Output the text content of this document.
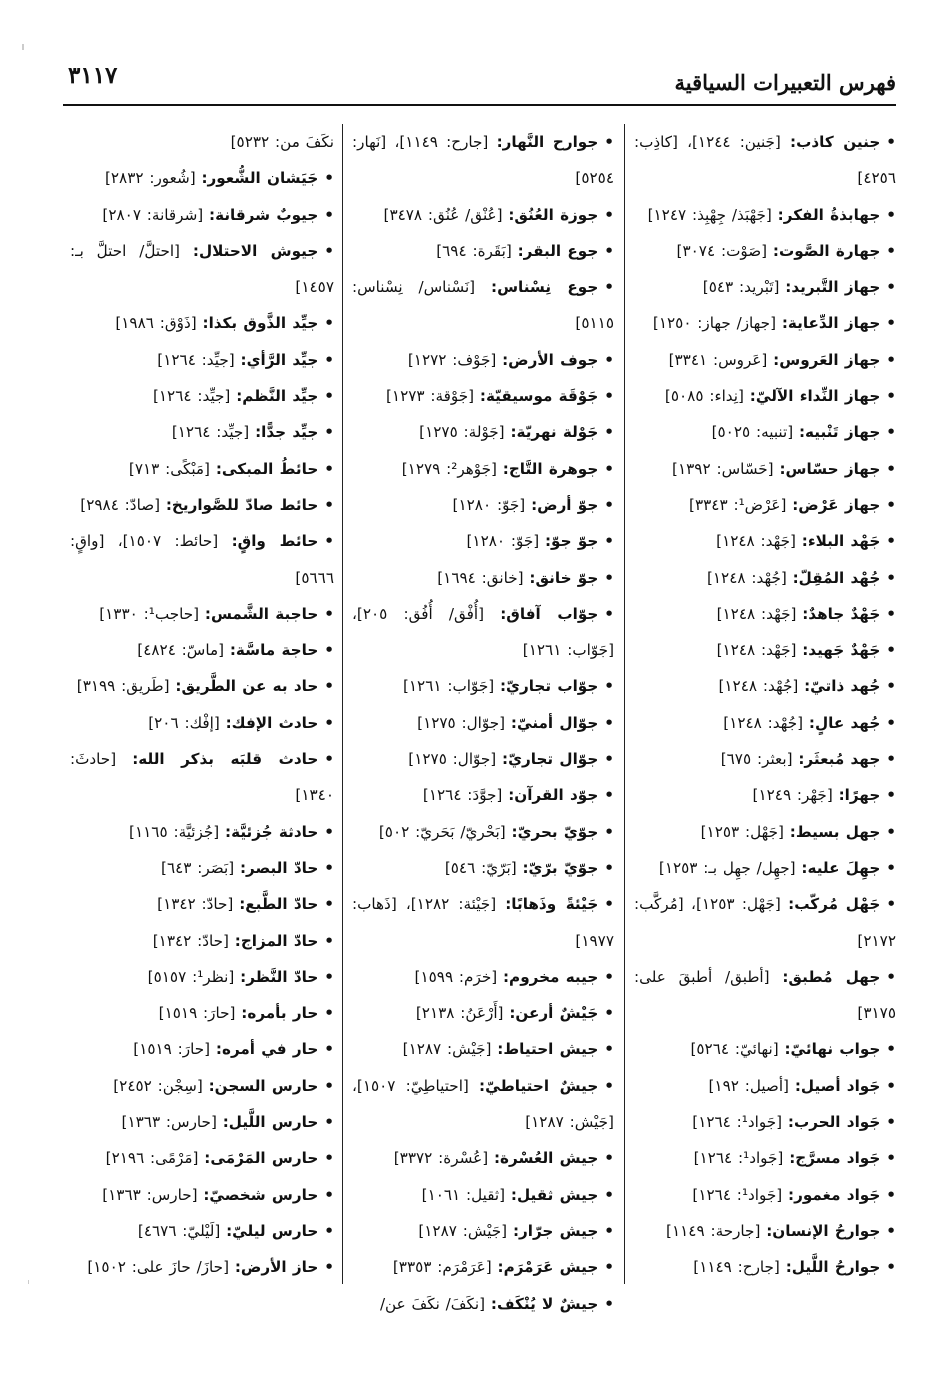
٣١١٧	فهرس التعبيرات السياقية

•جنين كاذب: [جَنين: ١٢٤٤]، [كاذِب: ٤٢٥٦]

•جهابذةُ الفكر: [جَهْبَذ/ جِهْبِذ: ١٢٤٧]

•جهارة الصَّوت: [صَوْت: ٣٠٧٤]

•جهاز التَّبريد: [تَبْريد: ٥٤٣]

•جهاز الدِّعاية: [جهاز/ جهاز: ١٢٥٠]

•جهاز العَروس: [عَروس: ٣٣٤١]

•جهاز النِّداء الآليّ: [نِداء: ٥٠٨٥]

•جهاز تَنْبيه: [تنبيه: ٥٠٢٥]

•جهاز حسّاس: [حَسّاس: ١٣٩٢]

•جهاز عَرْض: [عَرْض¹: ٣٣٤٣]

•جَهْد البلاء: [جَهْد: ١٢٤٨]

•جُهْد المُقِلّ: [جُهْد: ١٢٤٨]

•جَهْدٌ جاهدٌ: [جَهْد: ١٢٤٨]

•جَهْدٌ جَهيد: [جَهْد: ١٢٤٨]

•جُهد ذاتيّ: [جُهْد: ١٢٤٨]

•جُهد عالٍ: [جُهْد: ١٢٤٨]

•جهد مُبعثَر: [بعثر: ٦٧٥]

•جهرًا: [جَهْر: ١٢٤٩]

•جهل بسيط: [جَهْل: ١٢٥٣]

•جهِلَ عليه: [جهِل/ جهِل بـ: ١٢٥٣]

•جَهْل مُركّب: [جَهْل: ١٢٥٣]، [مُركَّب: ٢١٧٢]

•جهل مُطبق: [أطبق/ أطبقَ على: ٣١٧٥]

•جواب نهائيّ: [نهائيّ: ٥٢٦٤]

•جَواد أصيل: [أصيل: ١٩٢]

•جَواد الحرب: [جَواد¹: ١٢٦٤]

•جَواد مسرَّج: [جَواد¹: ١٢٦٤]

•جَواد مغمور: [جَواد¹: ١٢٦٤]

•جوارحُ الإنسان: [جارحة: ١١٤٩]

•جوارحُ اللَّيل: [جارح: ١١٤٩]

•جوارح النَّهار: [جارح: ١١٤٩]، [نَهار: ٥٢٥٤]

•جوزة العُنُق: [عُنْق/ عُنُق: ٣٤٧٨]

•جوع البقر: [بَقَرة: ٦٩٤]

•جوع نِسْناس: [نَسْناس/ نِسْناس: ٥١١٥]

•جوف الأرض: [جَوْف: ١٢٧٢]

•جَوْقَة موسيقيّة: [جَوْقة: ١٢٧٣]

•جَوْلة نهريّة: [جَوْلة: ١٢٧٥]

•جوهرة التَّاج: [جَوْهر²: ١٢٧٩]

•جوّ أرض: [جَوّ: ١٢٨٠]

•جوّ جوّ: [جَوّ: ١٢٨٠]

•جوّ خانق: [خانق: ١٦٩٤]

•جوّاب آفاق: [أُفْق/ أُفُق: ٢٠٥]، [جَوّاب: ١٢٦١]

•جوّاب تجاريّ: [جَوّاب: ١٢٦١]

•جوّال أمنيّ: [جوّال: ١٢٧٥]

•جوّال تجاريّ: [جوّال: ١٢٧٥]

•جوّد القرآن: [جوَّدَ: ١٢٦٤]

•جوّيّ بحريّ: [بَحْريّ/ بَحَريّ: ٥٠٢]

•جوّيّ برّيّ: [بَرّيّ: ٥٤٦]

•جَيْئةً وذَهابًا: [جَيْئة: ١٢٨٢]، [ذَهاب: ١٩٧٧]

•جيبه مخروم: [خرَم: ١٥٩٩]

•جَيْشٌ أرعن: [أَرْعَنُ: ٢١٣٨]

•جيش احتياط: [جَيْش: ١٢٨٧]

•جيشٌ احتياطيّ: [احتياطِيّ: ١٥٠٧]، [جَيْش: ١٢٨٧]

•جيش العُسْرة: [عُسْرة: ٣٣٧٢]

•جيش ثقيل: [ثقيل: ١٠٦١]

•جيش جرّار: [جَيْش: ١٢٨٧]

•جيش عَرَمْرَم: [عَرَمْرَم: ٣٣٥٣]

•جيشٌ لا يُنْكَف: [نكَفَ/ نكَفَ عن/

نكَفَ من: ٥٢٣٢]

•جَيَشان الشُّعور: [شُعور: ٢٨٣٢]

•جيوبٌ شرقانة: [شرقانة: ٢٨٠٧]

•جيوش الاحتلال: [احتلَّ/ احتلَّ بـ: ١٤٥٧]

•جيِّد الذَّوق بكذا: [ذَوْق: ١٩٨٦]

•جيِّد الرَّأي: [جيِّد: ١٢٦٤]

•جيِّد النَّظم: [جيِّد: ١٢٦٤]

•جيِّد جدًّا: [جيِّد: ١٢٦٤]

•حائطُ المبكى: [مَبْكًى: ٧١٣]

•حائط صادّ للصَّواريخ: [صادّ: ٢٩٨٤]

•حائط واقٍ: [حائط: ١٥٠٧]، [واقٍ: ٥٦٦٦]

•حاجبة الشَّمس: [حاجب¹: ١٣٣٠]

•حاجة ماسَّة: [ماسّ: ٤٨٢٤]

•حاد به عن الطَّريق: [طَريق: ٣١٩٩]

•حادث الإفك: [إفْك: ٢٠٦]

•حادث قلبَه بذكر الله: [حادثَ: ١٣٤٠]

•حادثة جُزئيَّة: [جُزئيَّة: ١١٦٥]

•حادّ البصر: [بَصَر: ٦٤٣]

•حادّ الطَّبع: [حادّ: ١٣٤٢]

•حادّ المزاج: [حادّ: ١٣٤٢]

•حادّ النَّظر: [نظر¹: ٥١٥٧]

•حار بأمره: [حارَ: ١٥١٩]

•حار في أمره: [حارَ: ١٥١٩]

•حارس السجن: [سِجْن: ٢٤٥٢]

•حارس اللَّيل: [حارس: ١٣٦٣]

•حارس المَرْمَى: [مَرْمًى: ٢١٩٦]

•حارس شخصيّ: [حارس: ١٣٦٣]

•حارس ليليّ: [لَيْليّ: ٤٦٧٦]

•حاز الأرض: [حازَ/ حازَ على: ١٥٠٢]
